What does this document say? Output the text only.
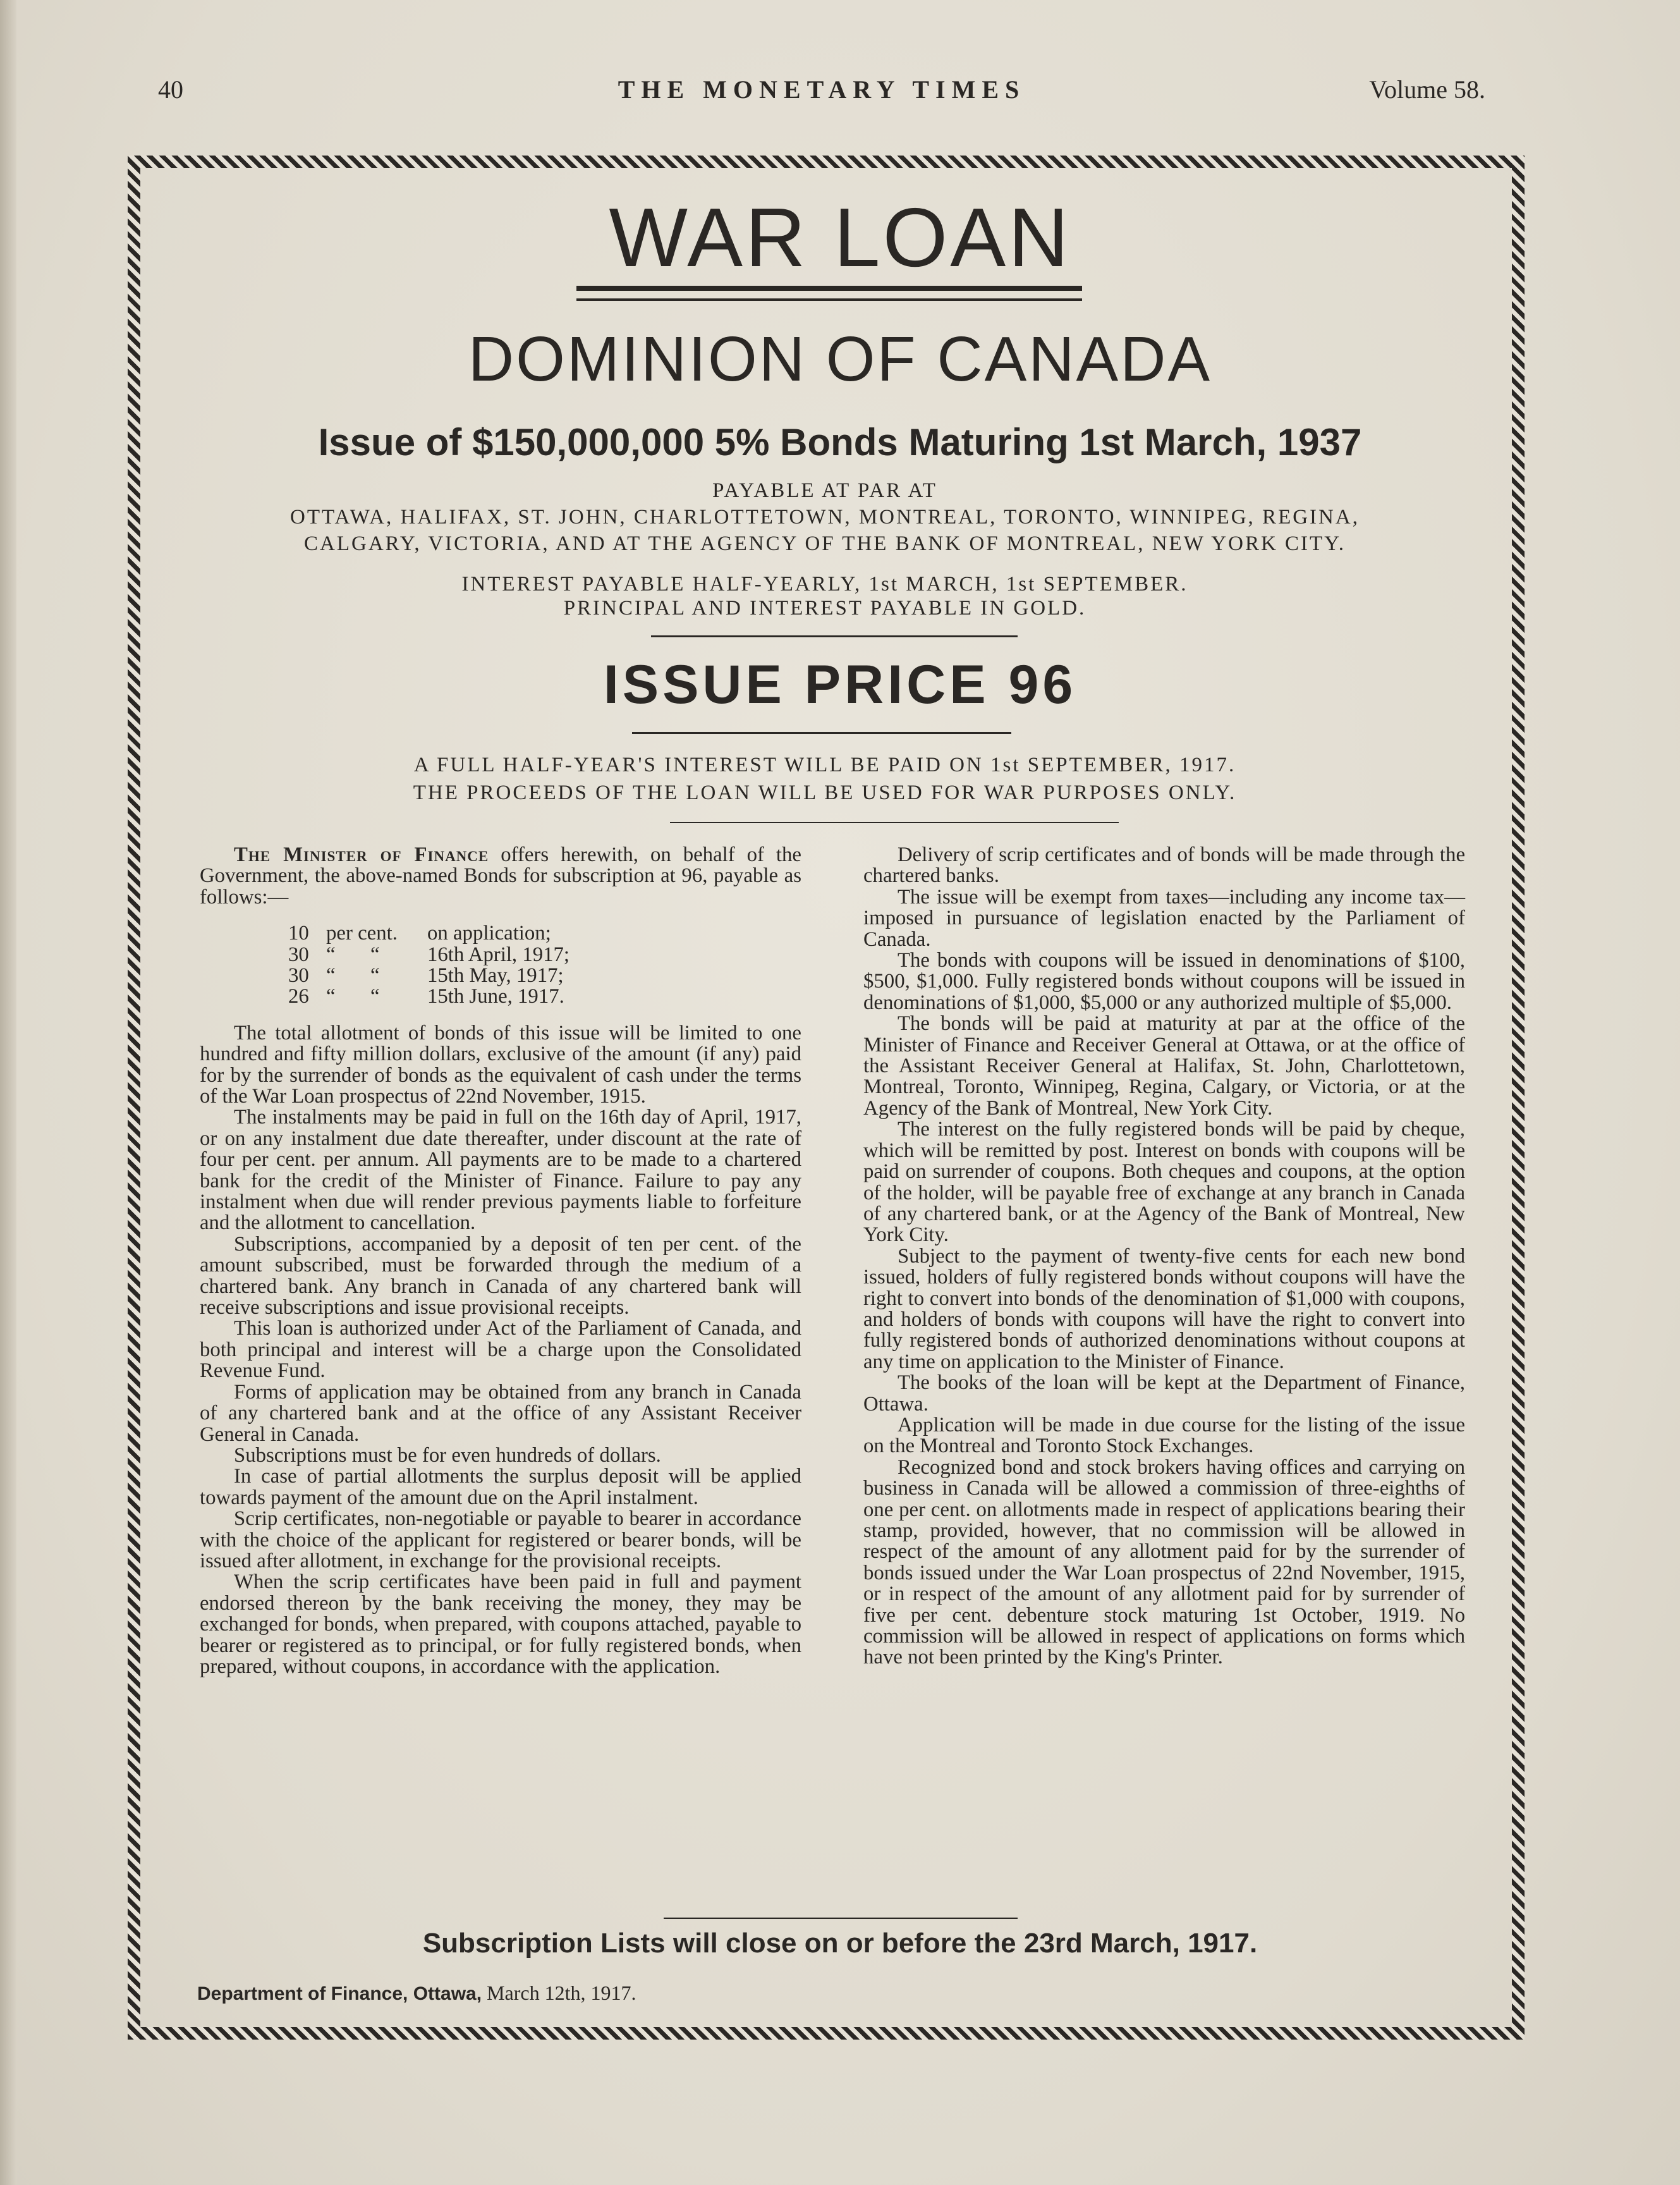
40	THE MONETARY TIMES	Volume 58.
WAR LOAN
DOMINION OF CANADA
Issue of $150,000,000 5% Bonds Maturing 1st March, 1937
PAYABLE AT PAR AT
OTTAWA, HALIFAX, ST. JOHN, CHARLOTTETOWN, MONTREAL, TORONTO, WINNIPEG, REGINA,
CALGARY, VICTORIA, AND AT THE AGENCY OF THE BANK OF MONTREAL, NEW YORK CITY.
INTEREST PAYABLE HALF-YEARLY, 1st MARCH, 1st SEPTEMBER.
PRINCIPAL AND INTEREST PAYABLE IN GOLD.
ISSUE PRICE 96
A FULL HALF-YEAR'S INTEREST WILL BE PAID ON 1st SEPTEMBER, 1917.
THE PROCEEDS OF THE LOAN WILL BE USED FOR WAR PURPOSES ONLY.

The Minister of Finance offers herewith, on behalf of the Government, the above-named Bonds for subscription at 96, payable as follows:—

10 per cent.	on application;
30 “	“	16th April, 1917;
30 “	“	15th May, 1917;
26 “	“	15th June, 1917.

The total allotment of bonds of this issue will be limited to one hundred and fifty million dollars, exclusive of the amount (if any) paid for by the surrender of bonds as the equivalent of cash under the terms of the War Loan prospectus of 22nd November, 1915.

The instalments may be paid in full on the 16th day of April, 1917, or on any instalment due date thereafter, under discount at the rate of four per cent. per annum. All payments are to be made to a chartered bank for the credit of the Minister of Finance. Failure to pay any instalment when due will render previous payments liable to forfeiture and the allotment to cancellation.

Subscriptions, accompanied by a deposit of ten per cent. of the amount subscribed, must be forwarded through the medium of a chartered bank. Any branch in Canada of any chartered bank will receive subscriptions and issue provisional receipts.

This loan is authorized under Act of the Parliament of Canada, and both principal and interest will be a charge upon the Consolidated Revenue Fund.

Forms of application may be obtained from any branch in Canada of any chartered bank and at the office of any Assistant Receiver General in Canada.

Subscriptions must be for even hundreds of dollars.

In case of partial allotments the surplus deposit will be applied towards payment of the amount due on the April instalment.

Scrip certificates, non-negotiable or payable to bearer in accordance with the choice of the applicant for registered or bearer bonds, will be issued after allotment, in exchange for the provisional receipts.

When the scrip certificates have been paid in full and payment endorsed thereon by the bank receiving the money, they may be exchanged for bonds, when prepared, with coupons attached, payable to bearer or registered as to principal, or for fully registered bonds, when prepared, without coupons, in accordance with the application.

Delivery of scrip certificates and of bonds will be made through the chartered banks.

The issue will be exempt from taxes—including any income tax—imposed in pursuance of legislation enacted by the Parliament of Canada.

The bonds with coupons will be issued in denominations of $100, $500, $1,000. Fully registered bonds without coupons will be issued in denominations of $1,000, $5,000 or any authorized multiple of $5,000.

The bonds will be paid at maturity at par at the office of the Minister of Finance and Receiver General at Ottawa, or at the office of the Assistant Receiver General at Halifax, St. John, Charlottetown, Montreal, Toronto, Winnipeg, Regina, Calgary, or Victoria, or at the Agency of the Bank of Montreal, New York City.

The interest on the fully registered bonds will be paid by cheque, which will be remitted by post. Interest on bonds with coupons will be paid on surrender of coupons. Both cheques and coupons, at the option of the holder, will be payable free of exchange at any branch in Canada of any chartered bank, or at the Agency of the Bank of Montreal, New York City.

Subject to the payment of twenty-five cents for each new bond issued, holders of fully registered bonds without coupons will have the right to convert into bonds of the denomination of $1,000 with coupons, and holders of bonds with coupons will have the right to convert into fully registered bonds of authorized denominations without coupons at any time on application to the Minister of Finance.

The books of the loan will be kept at the Department of Finance, Ottawa.

Application will be made in due course for the listing of the issue on the Montreal and Toronto Stock Exchanges.

Recognized bond and stock brokers having offices and carrying on business in Canada will be allowed a commission of three-eighths of one per cent. on allotments made in respect of applications bearing their stamp, provided, however, that no commission will be allowed in respect of the amount of any allotment paid for by the surrender of bonds issued under the War Loan prospectus of 22nd November, 1915, or in respect of the amount of any allotment paid for by surrender of five per cent. debenture stock maturing 1st October, 1919. No commission will be allowed in respect of applications on forms which have not been printed by the King's Printer.

Subscription Lists will close on or before the 23rd March, 1917.
Department of Finance, Ottawa, March 12th, 1917.
